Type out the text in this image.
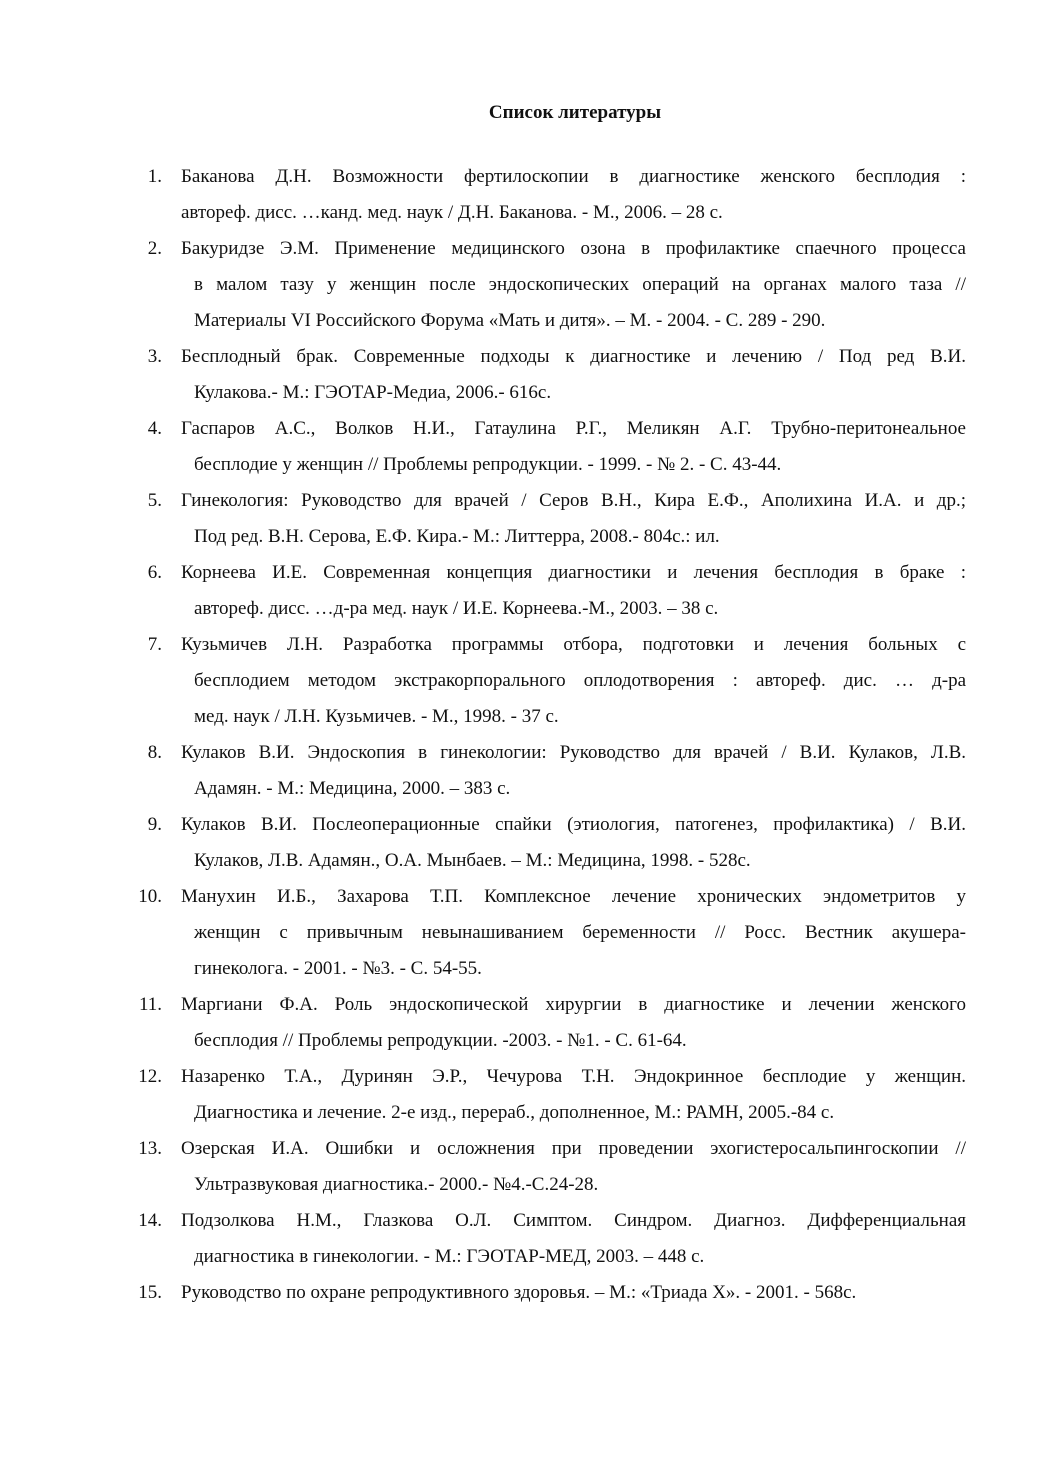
Список литературы
1. Баканова Д.Н. Возможности фертилоскопии в диагностике женского бесплодия :
автореф. дисс. …канд. мед. наук / Д.Н. Баканова. - М., 2006. – 28 с.
2. Бакуридзе Э.М. Применение медицинского озона в профилактике спаечного процесса
в малом тазу у женщин после эндоскопических операций на органах малого таза //
Материалы VI Российского Форума «Мать и дитя». – М. - 2004. - С. 289 - 290.
3. Бесплодный брак. Современные подходы к диагностике и лечению / Под ред В.И.
Кулакова.- М.: ГЭОТАР-Медиа, 2006.- 616с.
4. Гаспаров А.С., Волков Н.И., Гатаулина Р.Г., Меликян А.Г. Трубно-перитонеальное
бесплодие у женщин // Проблемы репродукции. - 1999. - № 2. - С. 43-44.
5. Гинекология: Руководство для врачей / Серов В.Н., Кира Е.Ф., Аполихина И.А. и др.;
Под ред. В.Н. Серова, Е.Ф. Кира.- М.: Литтерра, 2008.- 804с.: ил.
6. Корнеева И.Е. Современная концепция диагностики и лечения бесплодия в браке :
автореф. дисс. …д-ра мед. наук / И.Е. Корнеева.-М., 2003. – 38 с.
7. Кузьмичев Л.Н. Разработка программы отбора, подготовки и лечения больных с
бесплодием методом экстракорпорального оплодотворения : автореф. дис. … д-ра
мед. наук / Л.Н. Кузьмичев. - М., 1998. - 37 с.
8. Кулаков В.И. Эндоскопия в гинекологии: Руководство для врачей / В.И. Кулаков, Л.В.
Адамян. - М.: Медицина, 2000. – 383 с.
9. Кулаков В.И. Послеоперационные спайки (этиология, патогенез, профилактика) / В.И.
Кулаков, Л.В. Адамян., О.А. Мынбаев. – М.: Медицина, 1998. - 528с.
10. Манухин И.Б., Захарова Т.П. Комплексное лечение хронических эндометритов у
женщин с привычным невынашиванием беременности // Росс. Вестник акушера-
гинеколога. - 2001. - №3. - С. 54-55.
11. Маргиани Ф.А. Роль эндоскопической хирургии в диагностике и лечении женского
бесплодия // Проблемы репродукции. -2003. - №1. - С. 61-64.
12. Назаренко Т.А., Дуринян Э.Р., Чечурова Т.Н. Эндокринное бесплодие у женщин.
Диагностика и лечение. 2-е изд., перераб., дополненное, М.: РАМН, 2005.-84 с.
13. Озерская И.А. Ошибки и осложнения при проведении эхогистеросальпингоскопии //
Ультразвуковая диагностика.- 2000.- №4.-С.24-28.
14. Подзолкова Н.М., Глазкова О.Л. Симптом. Синдром. Диагноз. Дифференциальная
диагностика в гинекологии. - М.: ГЭОТАР-МЕД, 2003. – 448 с.
15. Руководство по охране репродуктивного здоровья. – М.: «Триада Х». - 2001. - 568с.
